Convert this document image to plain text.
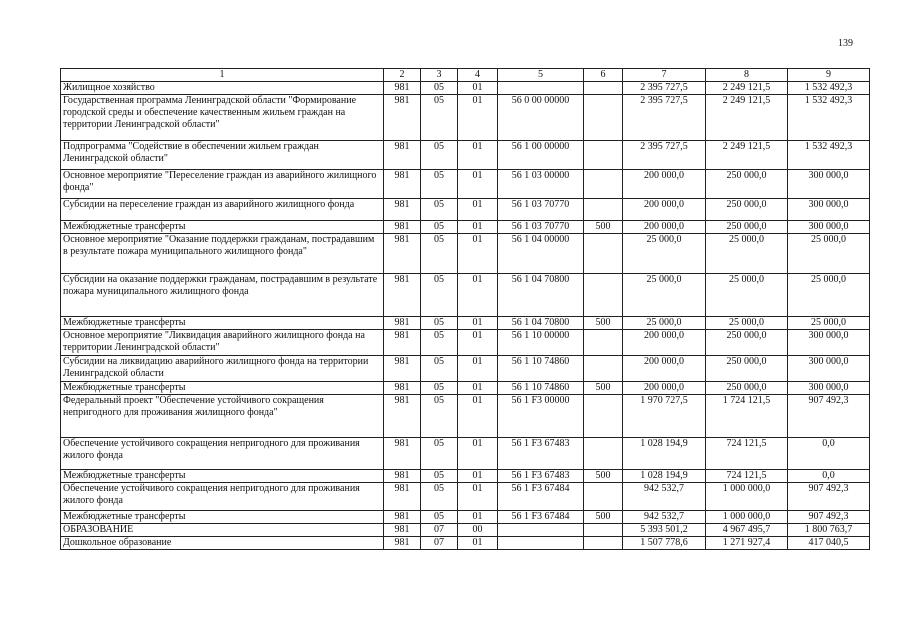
139
1	2	3	4	5	6	7	8	9
Жилищное хозяйство	981	05	01			2 395 727,5	2 249 121,5	1 532 492,3
Государственная программа Ленинградской области "Формирование городской среды и обеспечение качественным жильем граждан на территории Ленинградской области"	981	05	01	56 0 00 00000		2 395 727,5	2 249 121,5	1 532 492,3
Подпрограмма "Содействие в обеспечении жильем граждан Ленинградской области"	981	05	01	56 1 00 00000		2 395 727,5	2 249 121,5	1 532 492,3
Основное мероприятие "Переселение граждан из аварийного жилищного фонда"	981	05	01	56 1 03 00000		200 000,0	250 000,0	300 000,0
Субсидии на переселение граждан из аварийного жилищного фонда	981	05	01	56 1 03 70770		200 000,0	250 000,0	300 000,0
Межбюджетные трансферты	981	05	01	56 1 03 70770	500	200 000,0	250 000,0	300 000,0
Основное мероприятие "Оказание поддержки гражданам, пострадавшим в результате пожара муниципального жилищного фонда"	981	05	01	56 1 04 00000		25 000,0	25 000,0	25 000,0
Субсидии на оказание поддержки гражданам, пострадавшим в результате пожара муниципального жилищного фонда	981	05	01	56 1 04 70800		25 000,0	25 000,0	25 000,0
Межбюджетные трансферты	981	05	01	56 1 04 70800	500	25 000,0	25 000,0	25 000,0
Основное мероприятие "Ликвидация аварийного жилищного фонда на территории Ленинградской области"	981	05	01	56 1 10 00000		200 000,0	250 000,0	300 000,0
Субсидии на ликвидацию аварийного жилищного фонда на территории Ленинградской области	981	05	01	56 1 10 74860		200 000,0	250 000,0	300 000,0
Межбюджетные трансферты	981	05	01	56 1 10 74860	500	200 000,0	250 000,0	300 000,0
Федеральный проект "Обеспечение устойчивого сокращения непригодного для проживания жилищного фонда"	981	05	01	56 1 F3 00000		1 970 727,5	1 724 121,5	907 492,3
Обеспечение устойчивого сокращения непригодного для проживания жилого фонда	981	05	01	56 1 F3 67483		1 028 194,9	724 121,5	0,0
Межбюджетные трансферты	981	05	01	56 1 F3 67483	500	1 028 194,9	724 121,5	0,0
Обеспечение устойчивого сокращения непригодного для проживания жилого фонда	981	05	01	56 1 F3 67484		942 532,7	1 000 000,0	907 492,3
Межбюджетные трансферты	981	05	01	56 1 F3 67484	500	942 532,7	1 000 000,0	907 492,3
ОБРАЗОВАНИЕ	981	07	00			5 393 501,2	4 967 495,7	1 800 763,7
Дошкольное образование	981	07	01			1 507 778,6	1 271 927,4	417 040,5
